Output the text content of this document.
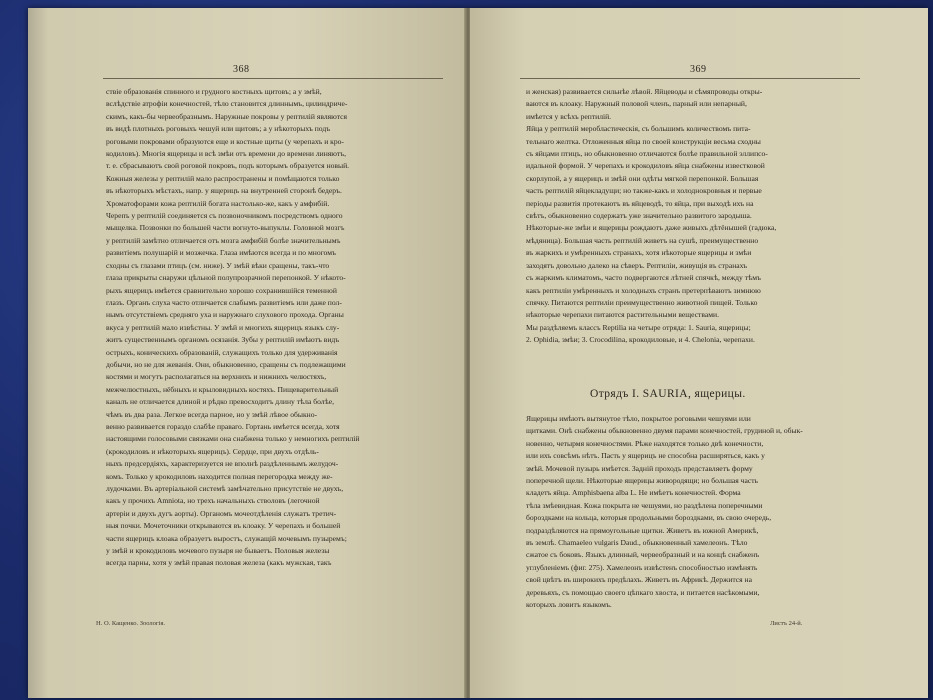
368
ствіе образованія спинного и грудного костныхъ щитовъ; а у змѣй,
вслѣдствіе атрофіи конечностей, тѣло становится длиннымъ, цилиндриче-
скимъ, какъ-бы червеобразнымъ. Наружные покровы у рептилій являются
въ видѣ плотныхъ роговыхъ чешуй или щитовъ; а у нѣкоторыхъ подъ
роговыми покровами образуются еще и костные щиты (у черепахъ и кро-
кодиловъ). Многія ящерицы и всѣ змѣи отъ времени до времени линяютъ,
т. е. сбрасываютъ свой роговой покровъ, подъ которымъ образуется новый.
Кожныя железы у рептилій мало распространены и помѣщаются только
въ нѣкоторыхъ мѣстахъ, напр. у ящерицъ на внутренней сторонѣ бедеръ.
Хроматофорами кожа рептилій богата настолько-же, какъ у амфибій.
Черепъ у рептилій соединяется съ позвоночникомъ посредствомъ одного
мыщелка. Позвонки по большей части вогнуто-выпуклы. Головной мозгъ
у рептилій замѣтно отличается отъ мозга амфибій болѣе значительнымъ
развитіемъ полушарій и мозжечка. Глаза имѣются всегда и по многомъ
сходны съ глазами птицъ (см. ниже). У змѣй вѣки сращены, такъ-что
глаза прикрыты снаружи цѣльной полупрозрачной перепонкой. У нѣкото-
рыхъ ящерицъ имѣется сравнительно хорошо сохранившійся теменной
глазъ. Органъ слуха часто отличается слабымъ развитіемъ или даже пол-
нымъ отсутствіемъ средняго уха и наружнаго слухового прохода. Органы
вкуса у рептилій мало извѣстны. У змѣй и многихъ ящерицъ языкъ слу-
житъ существеннымъ органомъ осязанія. Зубы у рептилій имѣютъ видъ
острыхъ, коническихъ образованій, служащихъ только для удерживанія
добычи, но не для жеванія. Они, обыкновенно, сращены съ подлежащими
костями и могутъ располагаться на верхнихъ и нижнихъ челюстяхъ,
межчелюстныхъ, нёбныхъ и крыловидныхъ костяхъ. Пищеварительный
каналъ не отличается длиной и рѣдко превосходитъ длину тѣла болѣе,
чѣмъ въ два раза. Легкое всегда парное, но у змѣй лѣвое обыкно-
венно развивается гораздо слабѣе праваго. Гортань имѣется всегда, хотя
настоящими голосовыми связками она снабжена только у немногихъ рептилій
(крокодиловъ и нѣкоторыхъ ящерицъ). Сердце, при двухъ отдѣль-
ныхъ предсердіяхъ, характеризуется не вполнѣ раздѣленнымъ желудоч-
комъ. Только у крокодиловъ находится полная перегородка между же-
лудочками. Въ артеріальной системѣ замѣчательно присутствіе не двухъ,
какъ у прочихъ Amniota, но трехъ начальныхъ стволовъ (легочной
артеріи и двухъ дугъ аорты). Органомъ мочеотдѣленія служатъ третич-
ныя почки. Мочеточники открываются въ клоаку. У черепахъ и большей
части ящерицъ клоака образуетъ выростъ, служащій мочевымъ пузыремъ;
у змѣй и крокодиловъ мочевого пузыря не бываетъ. Половыя железы
всегда парны, хотя у змѣй правая половая железа (какъ мужская, такъ
Н. О. Кащенко. Зоологія.
369
и женская) развивается сильнѣе лѣвой. Яйцеводы и сѣмяпроводы откры-
ваются въ клоаку. Наружный половой членъ, парный или непарный,
имѣется у всѣхъ рептилій.
Яйца у рептилій меробластическія, съ большимъ количествомъ пита-
тельнаго желтка. Отложенныя яйца по своей конструкціи весьма сходны
съ яйцами птицъ, но обыкновенно отличаются болѣе правильной эллипсо-
идальной формой. У черепахъ и крокодиловъ яйца снабжены известковой
скорлупой, а у ящерицъ и змѣй они одѣты мягкой перепонкой. Большая
часть рептилій яйцекладущи; но также-какъ и холоднокровныя и первые
періоды развитія протекаютъ въ яйцеводѣ, то яйца, при выходѣ ихъ на
свѣтъ, обыкновенно содержатъ уже значительно развитого зародыша.
Нѣкоторые-же змѣи и ящерицы рождаютъ даже живыхъ дѣтёнышей (гадюка,
мѣдяница). Большая часть рептилій живетъ на сушѣ, преимущественно
въ жаркихъ и умѣренныхъ странахъ, хотя нѣкоторые ящерицы и змѣи
заходятъ довольно далеко на сѣверъ. Рептиліи, живущія въ странахъ
съ жаркимъ климатомъ, часто подвергаются лѣтней спячкѣ, между тѣмъ
какъ рептиліи умѣренныхъ и холодныхъ странъ претерпѣваютъ зимнюю
спячку. Питаются рептиліи преимущественно животной пищей. Только
нѣкоторые черепахи питаются растительными веществами.
Мы раздѣляемъ классъ Reptilia на четыре отряда: 1. Sauria, ящерицы;
2. Ophidia, змѣи; 3. Crocodilina, крокодиловые, и 4. Chelonia, черепахи.
Отрядъ I. SAURIA, ящерицы.
Ящерицы имѣютъ вытянутое тѣло, покрытое роговыми чешуями или
щитками. Онѣ снабжены обыкновенно двумя парами конечностей, грудиной и, обык-
новенно, четырмя конечностями. Рѣже находятся только двѣ конечности,
или ихъ совсѣмъ нѣтъ. Пасть у ящерицъ не способна расширяться, какъ у
змѣй. Мочевой пузырь имѣется. Заднiй проходъ представляетъ форму
поперечной щели. Нѣкоторые ящерицы живородящи; но большая часть
кладетъ яйца. Amphisbaena alba L. Не имѣетъ конечностей. Форма
тѣла змѣевидная. Кожа покрыта не чешуями, но раздѣлена поперечными
бороздками на кольца, которыя продольными бороздками, въ свою очередь,
подраздѣляются на прямоугольные щитки. Живетъ въ южной Америкѣ,
въ землѣ. Chamaeleo vulgaris Daud., обыкновенный хамелеонъ. Тѣло
сжатое съ боковъ. Языкъ длинный, червеобразный и на концѣ снабженъ
углубленіемъ (фиг. 275). Хамелеонъ извѣстенъ способностью измѣнять
свой цвѣтъ въ широкихъ предѣлахъ. Живетъ въ Африкѣ. Держится на
деревьяхъ, съ помощью своего цѣпкаго хвоста, и питается насѣкомыми,
которыхъ ловитъ языкомъ.
Листъ 24-й.
